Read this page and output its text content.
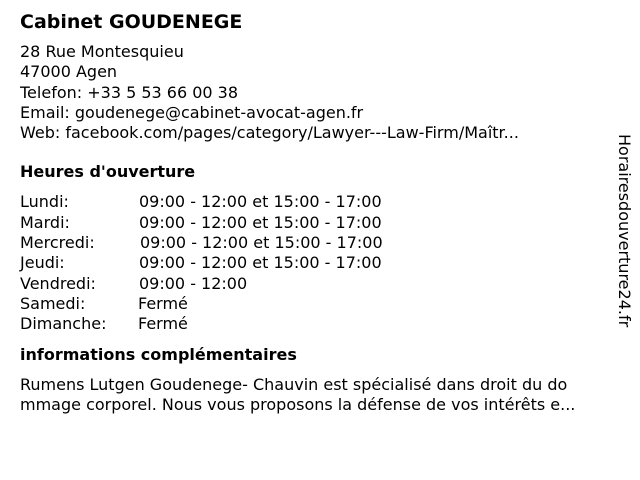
Cabinet GOUDENEGE
28 Rue Montesquieu
47000 Agen
Telefon: +33 5 53 66 00 38
Email: goudenege@cabinet-avocat-agen.fr
Web: facebook.com/pages/category/Lawyer---Law-Firm/Maîtr...
Heures d'ouverture
Lundi:	09:00 - 12:00 et 15:00 - 17:00
Mardi:	09:00 - 12:00 et 15:00 - 17:00
Mercredi:	09:00 - 12:00 et 15:00 - 17:00
Jeudi:	09:00 - 12:00 et 15:00 - 17:00
Vendredi:	09:00 - 12:00
Samedi:	Fermé
Dimanche:	Fermé
informations complémentaires
Rumens Lutgen Goudenege- Chauvin est spécialisé dans droit du do
mmage corporel. Nous vous proposons la défense de vos intérêts e...
Horairesdouverture24.fr
